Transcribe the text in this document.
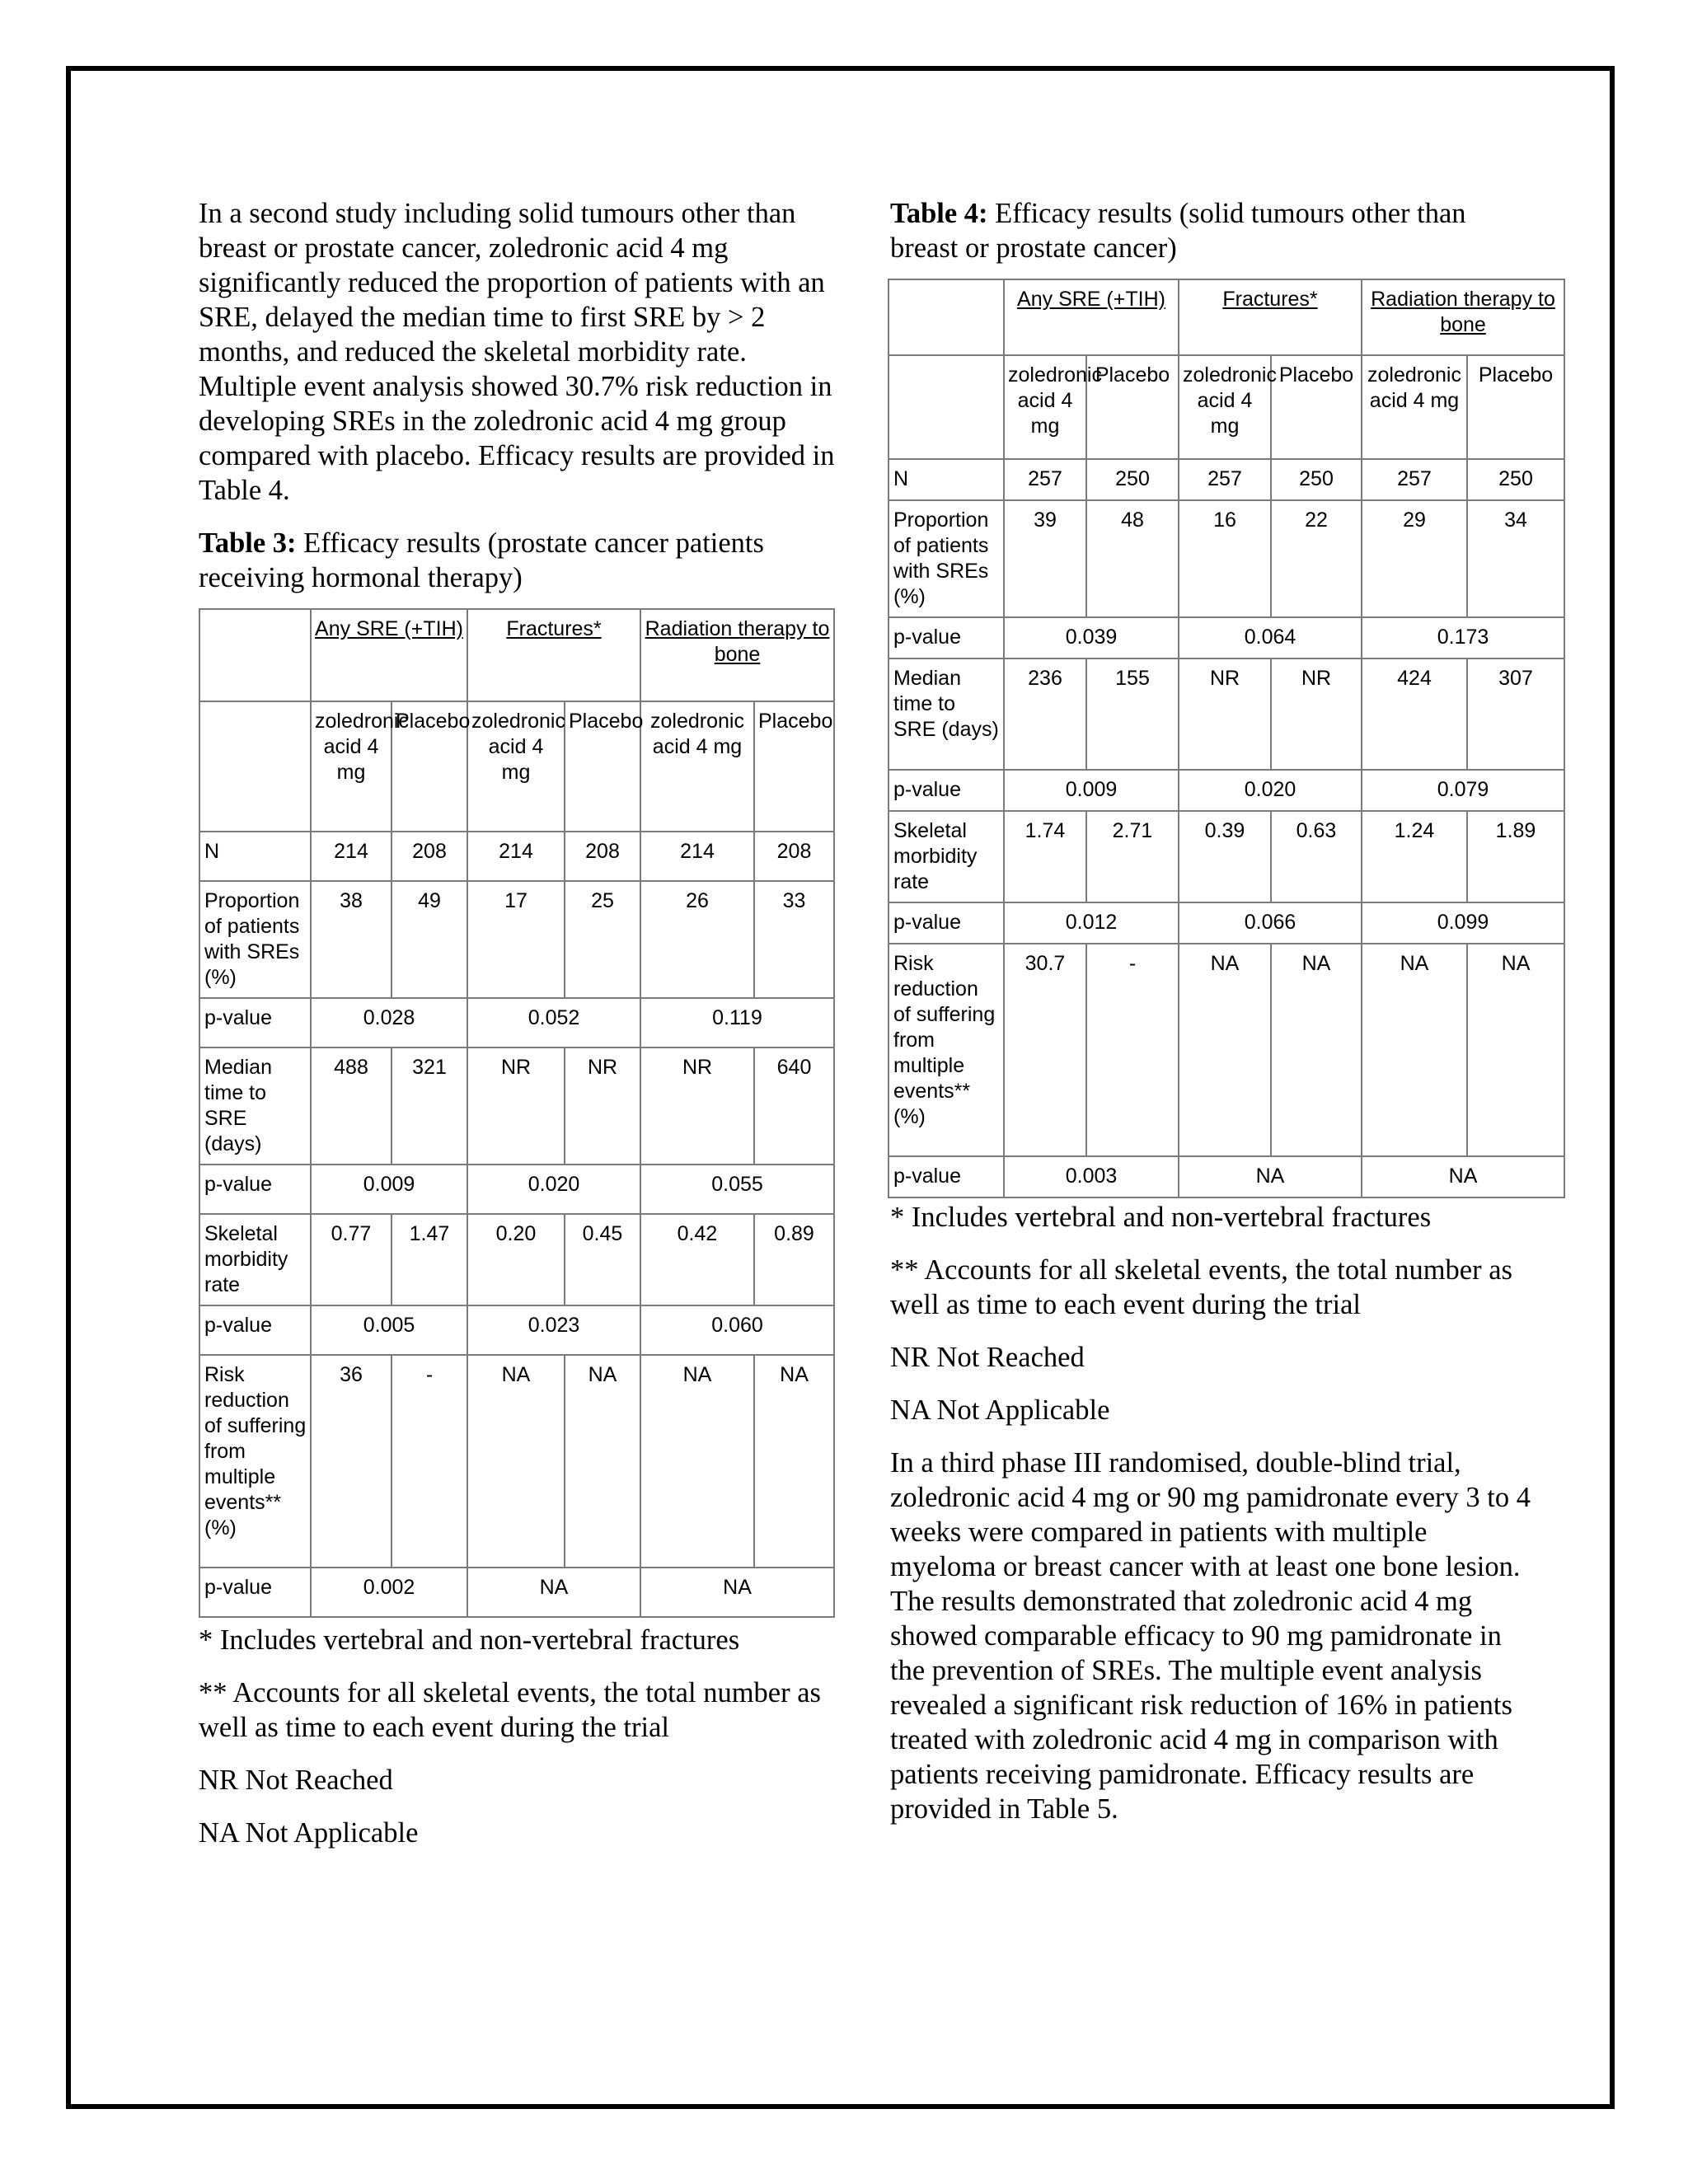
In a second study including solid tumours other than breast or prostate cancer, zoledronic acid 4 mg significantly reduced the proportion of patients with an SRE, delayed the median time to first SRE by > 2 months, and reduced the skeletal morbidity rate. Multiple event analysis showed 30.7% risk reduction in developing SREs in the zoledronic acid 4 mg group compared with placebo. Efficacy results are provided in Table 4.

Table 3: Efficacy results (prostate cancer patients receiving hormonal therapy)

	Any SRE (+TIH)		Fractures*		Radiation therapy to bone	
	zoledronic acid 4 mg	Placebo	zoledronic acid 4 mg	Placebo	zoledronic acid 4 mg	Placebo
N	214	208	214	208	214	208
Proportion of patients with SREs (%)	38	49	17	25	26	33
p-value	0.028		0.052		0.119	
Median time to SRE (days)	488	321	NR	NR	NR	640
p-value	0.009		0.020		0.055	
Skeletal morbidity rate	0.77	1.47	0.20	0.45	0.42	0.89
p-value	0.005		0.023		0.060	
Risk reduction of suffering from multiple events** (%)	36	-	NA	NA	NA	NA
p-value	0.002		NA		NA	

* Includes vertebral and non-vertebral fractures

** Accounts for all skeletal events, the total number as well as time to each event during the trial

NR Not Reached

NA Not Applicable

Table 4: Efficacy results (solid tumours other than breast or prostate cancer)

	Any SRE (+TIH)		Fractures*		Radiation therapy to bone	
	zoledronic acid 4 mg	Placebo	zoledronic acid 4 mg	Placebo	zoledronic acid 4 mg	Placebo
N	257	250	257	250	257	250
Proportion of patients with SREs (%)	39	48	16	22	29	34
p-value	0.039		0.064		0.173	
Median time to SRE (days)	236	155	NR	NR	424	307
p-value	0.009		0.020		0.079	
Skeletal morbidity rate	1.74	2.71	0.39	0.63	1.24	1.89
p-value	0.012		0.066		0.099	
Risk reduction of suffering from multiple events** (%)	30.7	-	NA	NA	NA	NA
p-value	0.003		NA		NA	

* Includes vertebral and non-vertebral fractures

** Accounts for all skeletal events, the total number as well as time to each event during the trial

NR Not Reached

NA Not Applicable

In a third phase III randomised, double-blind trial, zoledronic acid 4 mg or 90 mg pamidronate every 3 to 4 weeks were compared in patients with multiple myeloma or breast cancer with at least one bone lesion. The results demonstrated that zoledronic acid 4 mg showed comparable efficacy to 90 mg pamidronate in the prevention of SREs. The multiple event analysis revealed a significant risk reduction of 16% in patients treated with zoledronic acid 4 mg in comparison with patients receiving pamidronate. Efficacy results are provided in Table 5.
